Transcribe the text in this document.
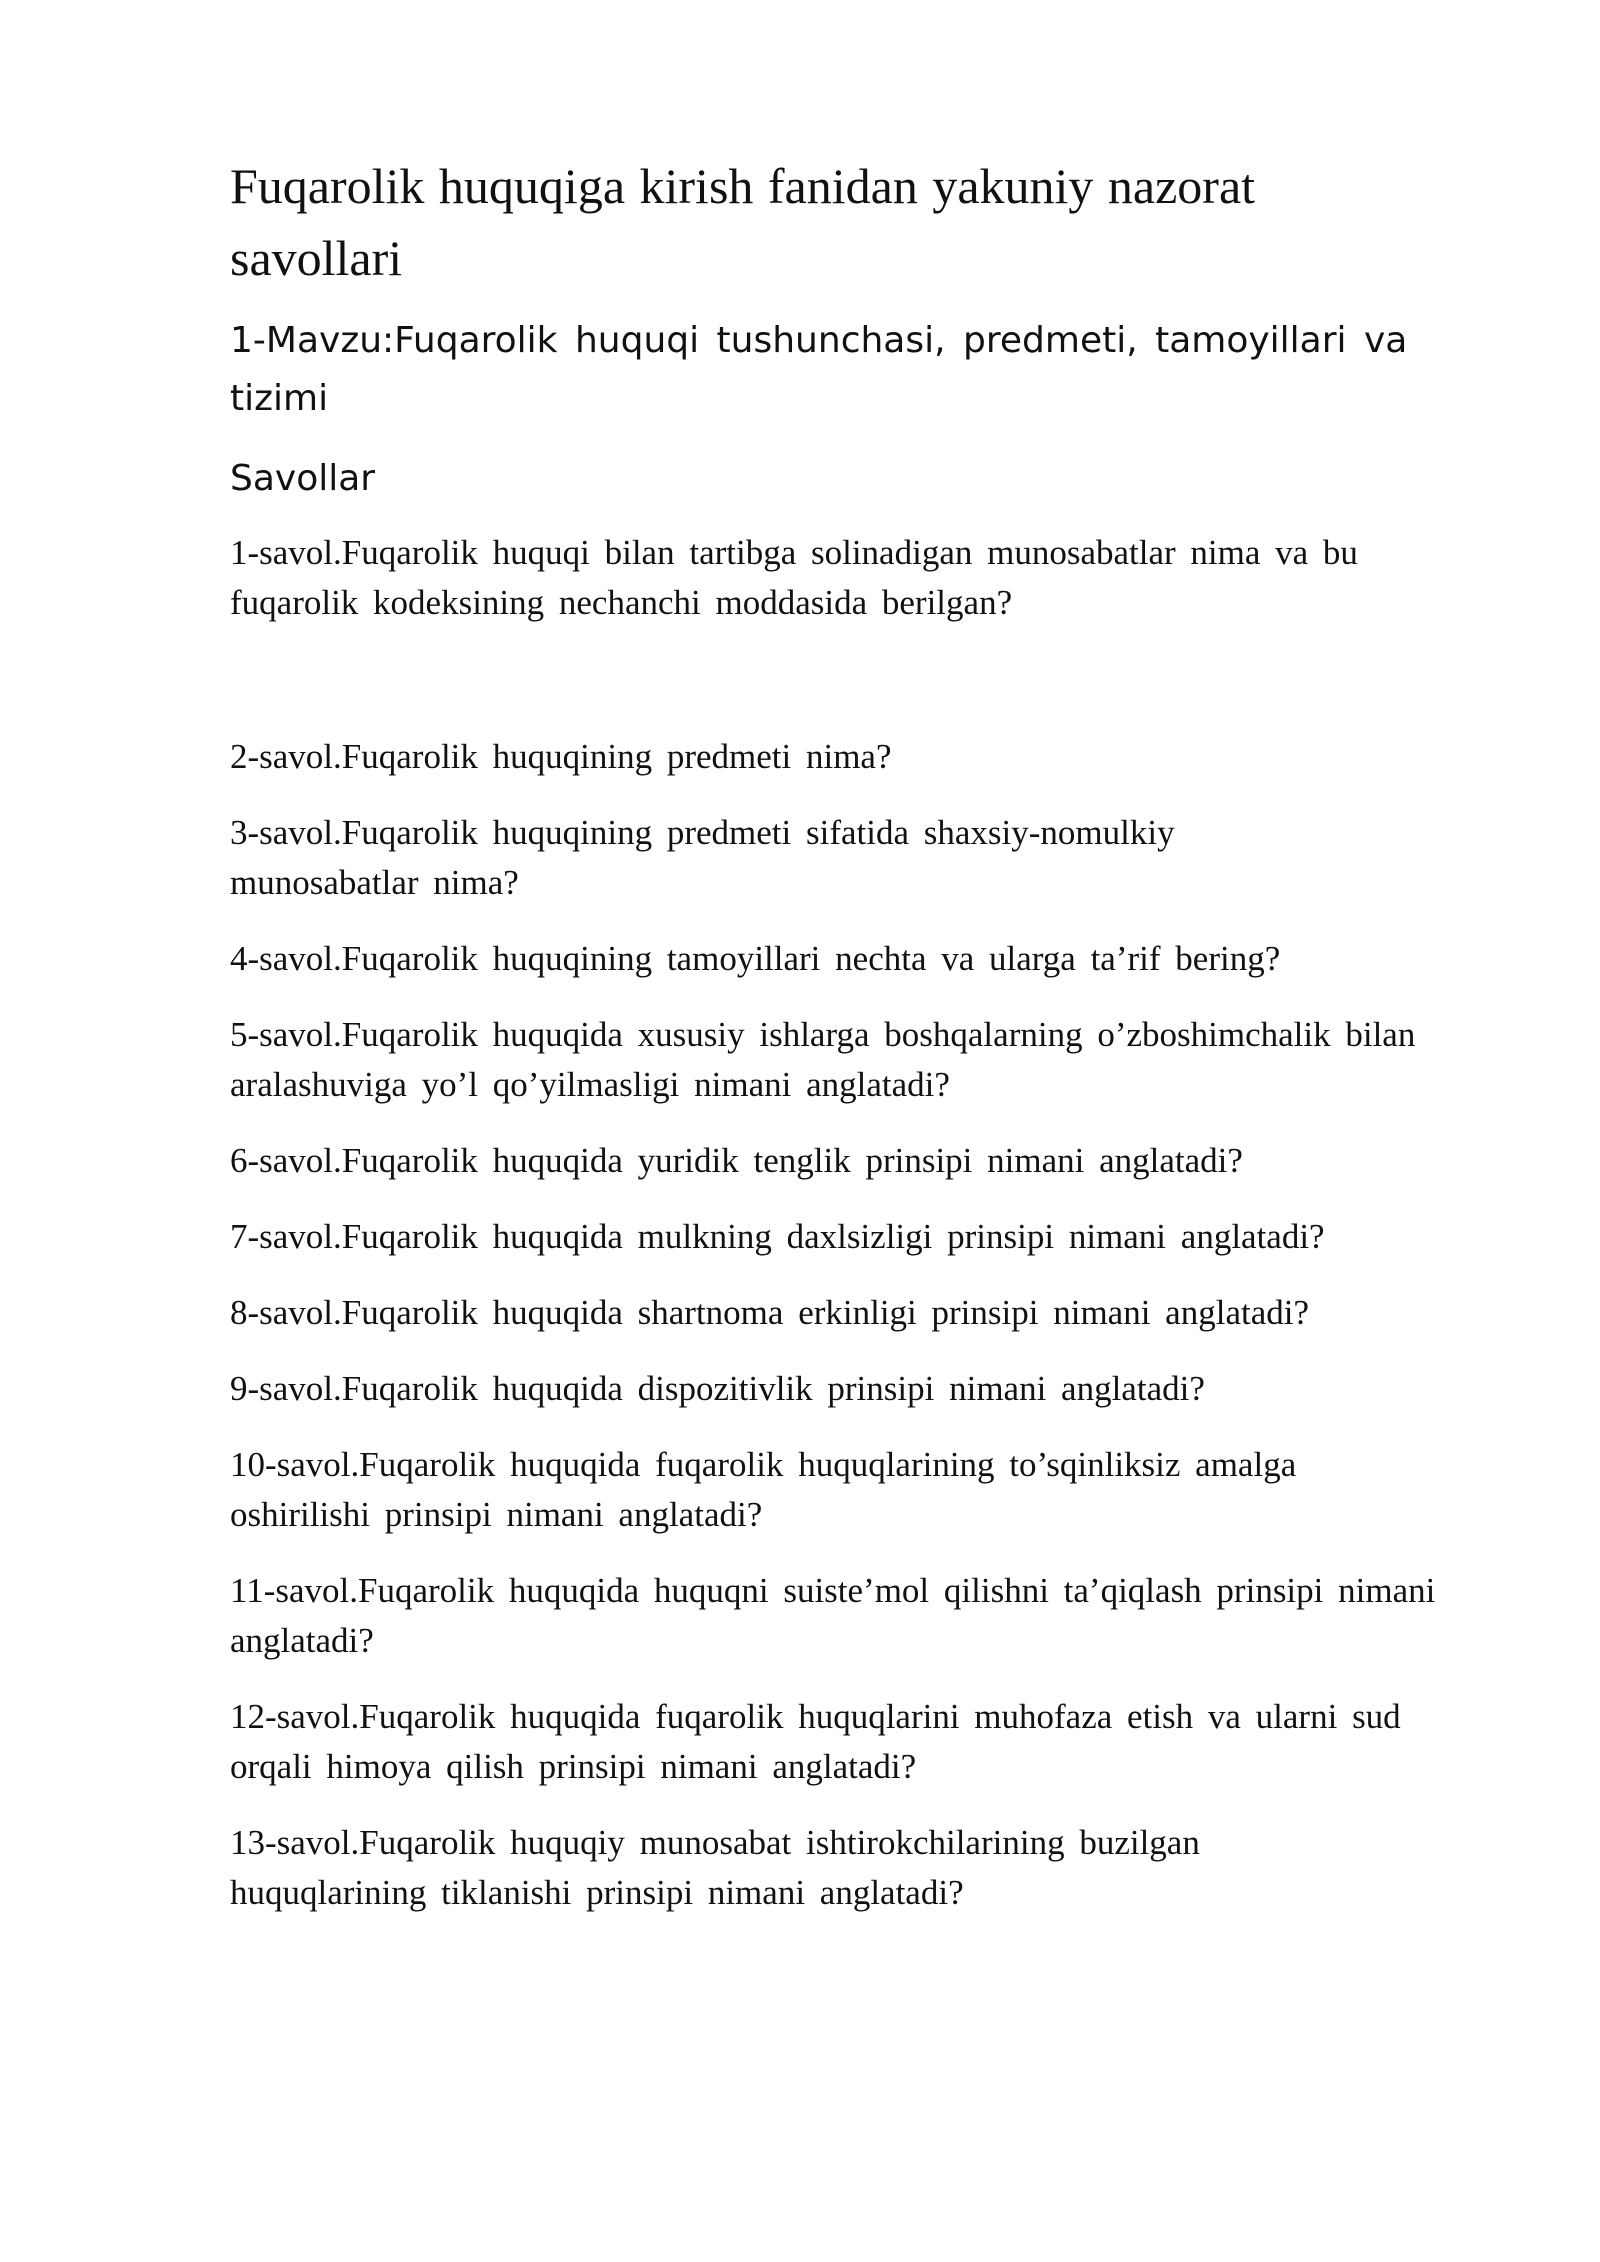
Fuqarolik huquqiga kirish fanidan yakuniy nazorat savollari

1-Mavzu:Fuqarolik huquqi tushunchasi, predmeti, tamoyillari va tizimi

Savollar

1-savol.Fuqarolik huquqi bilan tartibga solinadigan munosabatlar nima va bu fuqarolik kodeksining nechanchi moddasida berilgan?
2-savol.Fuqarolik huquqining predmeti nima?
3-savol.Fuqarolik huquqining predmeti sifatida shaxsiy-nomulkiy munosabatlar nima?
4-savol.Fuqarolik huquqining tamoyillari nechta va ularga ta’rif bering?
5-savol.Fuqarolik huquqida xususiy ishlarga boshqalarning o’zboshimchalik bilan aralashuviga yo’l qo’yilmasligi nimani anglatadi?
6-savol.Fuqarolik huquqida yuridik tenglik prinsipi nimani anglatadi?
7-savol.Fuqarolik huquqida mulkning daxlsizligi prinsipi nimani anglatadi?
8-savol.Fuqarolik huquqida shartnoma erkinligi prinsipi nimani anglatadi?
9-savol.Fuqarolik huquqida dispozitivlik prinsipi nimani anglatadi?
10-savol.Fuqarolik huquqida fuqarolik huquqlarining to’sqinliksiz amalga oshirilishi prinsipi nimani anglatadi?
11-savol.Fuqarolik huquqida huquqni suiste’mol qilishni ta’qiqlash prinsipi nimani anglatadi?
12-savol.Fuqarolik huquqida fuqarolik huquqlarini muhofaza etish va ularni sud orqali himoya qilish prinsipi nimani anglatadi?
13-savol.Fuqarolik huquqiy munosabat ishtirokchilarining buzilgan huquqlarining tiklanishi prinsipi nimani anglatadi?
